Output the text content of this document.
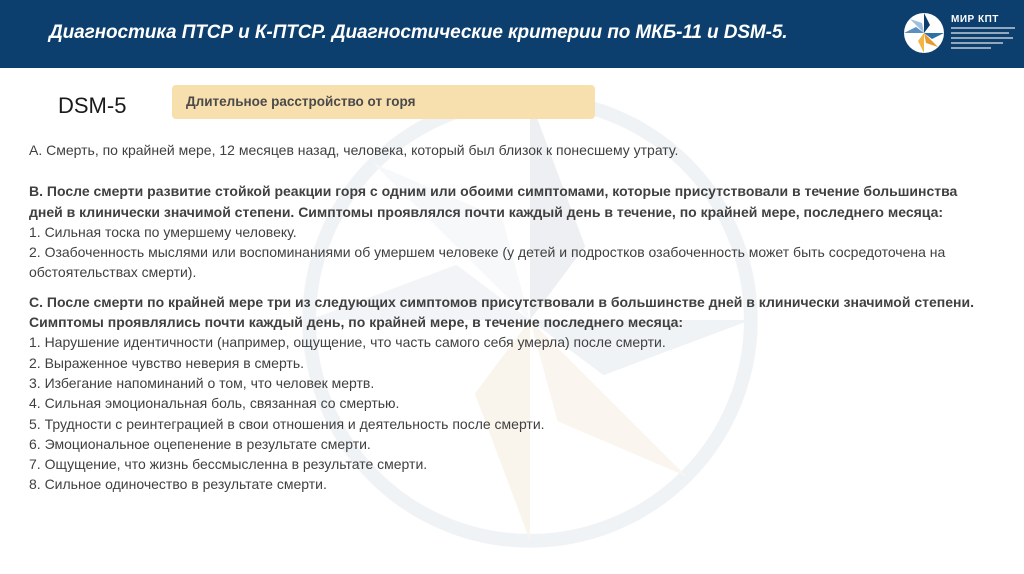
Диагностика ПТСР и К-ПТСР. Диагностические критерии по МКБ-11 и DSM-5.
МИР КПТ
DSM-5	Длительное расстройство от горя

А. Смерть, по крайней мере, 12 месяцев назад, человека, который был близок к понесшему утрату.

В. После смерти развитие стойкой реакции горя с одним или обоими симптомами, которые присутствовали в течение большинства дней в клинически значимой степени. Симптомы проявлялся почти каждый день в течение, по крайней мере, последнего месяца:

1. Сильная тоска по умершему человеку.

2. Озабоченность мыслями или воспоминаниями об умершем человеке (у детей и подростков озабоченность может быть сосредоточена на обстоятельствах смерти).

С. После смерти по крайней мере три из следующих симптомов присутствовали в большинстве дней в клинически значимой степени. Симптомы проявлялись почти каждый день, по крайней мере, в течение последнего месяца:

1. Нарушение идентичности (например, ощущение, что часть самого себя умерла) после смерти.

2. Выраженное чувство неверия в смерть.

3. Избегание напоминаний о том, что человек мертв.

4. Сильная эмоциональная боль, связанная со смертью.

5. Трудности с реинтеграцией в свои отношения и деятельность после смерти.

6. Эмоциональное оцепенение в результате смерти.

7. Ощущение, что жизнь бессмысленна в результате смерти.

8. Сильное одиночество в результате смерти.
